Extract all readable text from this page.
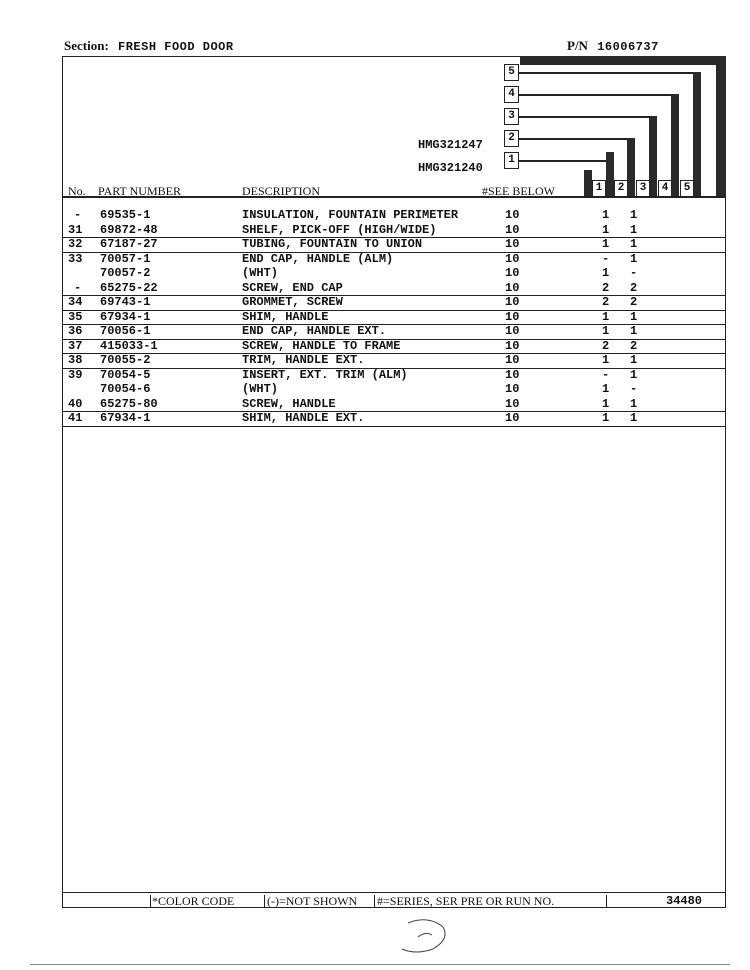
Section: FRESH FOOD DOOR	P/N 16006737
5
4
3
2
1
1	2	3	4	5
HMG321247
HMG321240
No. PART NUMBER	DESCRIPTION	#SEE BELOW
- 69535-1	INSULATION, FOUNTAIN PERIMETER	10	1 1
31 69872-48	SHELF, PICK-OFF (HIGH/WIDE)	10	1 1
32 67187-27	TUBING, FOUNTAIN TO UNION	10	1 1
33 70057-1	END CAP, HANDLE (ALM)	10	- 1
70057-2	(WHT)	10	1 -
- 65275-22	SCREW, END CAP	10	2 2
34 69743-1	GROMMET, SCREW	10	2 2
35 67934-1	SHIM, HANDLE	10	1 1
36 70056-1	END CAP, HANDLE EXT.	10	1 1
37 415033-1	SCREW, HANDLE TO FRAME	10	2 2
38 70055-2	TRIM, HANDLE EXT.	10	1 1
39 70054-5	INSERT, EXT. TRIM (ALM)	10	- 1
70054-6	(WHT)	10	1 -
40 65275-80	SCREW, HANDLE	10	1 1
41 67934-1	SHIM, HANDLE EXT.	10	1 1
*COLOR CODE	(-)=NOT SHOWN #=SERIES, SER PRE OR RUN NO.	34480
